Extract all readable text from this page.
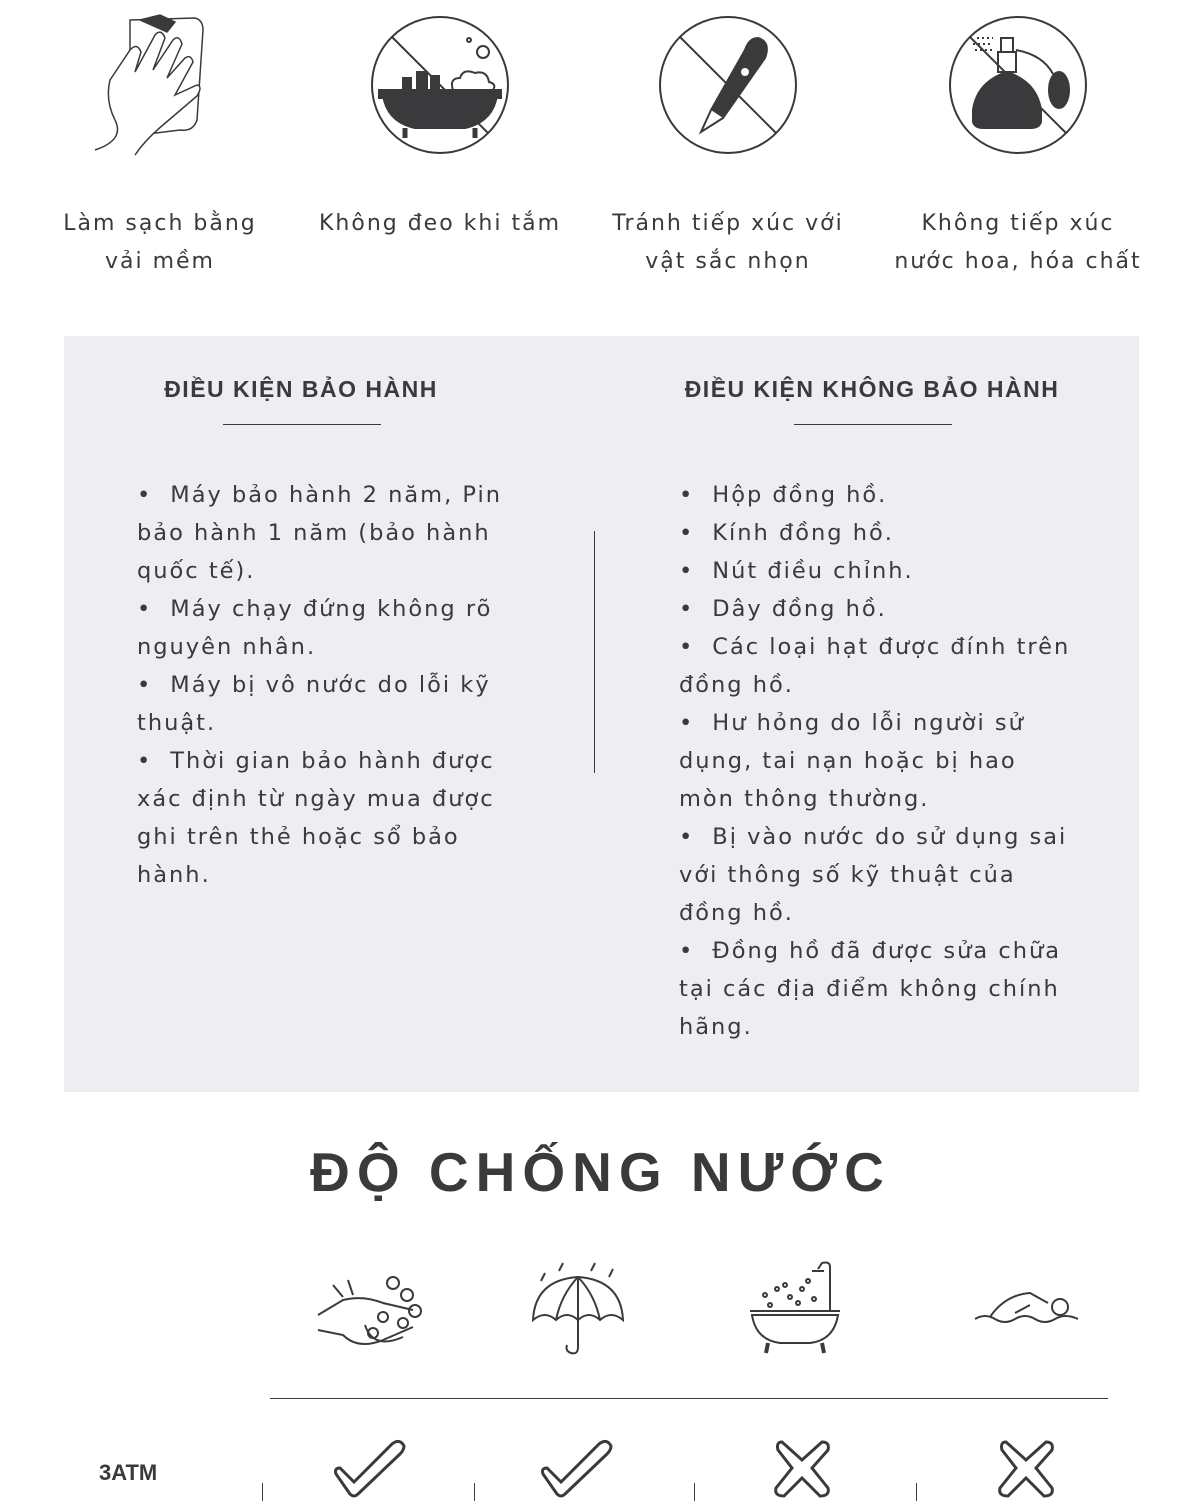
Làm sạch bằng
vải mềm
Không đeo khi tắm	Tránh tiếp xúc với
vật sắc nhọn
Không tiếp xúc
nước hoa, hóa chất
ĐIỀU KIỆN BẢO HÀNH	ĐIỀU KIỆN KHÔNG BẢO HÀNH

• Máy bảo hành 2 năm, Pin bảo hành 1 năm (bảo hành quốc tế).

• Máy chạy đứng không rõ nguyên nhân.

• Máy bị vô nước do lỗi kỹ thuật.

• Thời gian bảo hành được xác định từ ngày mua được ghi trên thẻ hoặc sổ bảo hành.

• Hộp đồng hồ.

• Kính đồng hồ.

• Nút điều chỉnh.

• Dây đồng hồ.

• Các loại hạt được đính trên đồng hồ.

• Hư hỏng do lỗi người sử dụng, tai nạn hoặc bị hao mòn thông thường.

• Bị vào nước do sử dụng sai với thông số kỹ thuật của đồng hồ.

• Đồng hồ đã được sửa chữa tại các địa điểm không chính hãng.

ĐỘ CHỐNG NƯỚC
3ATM
